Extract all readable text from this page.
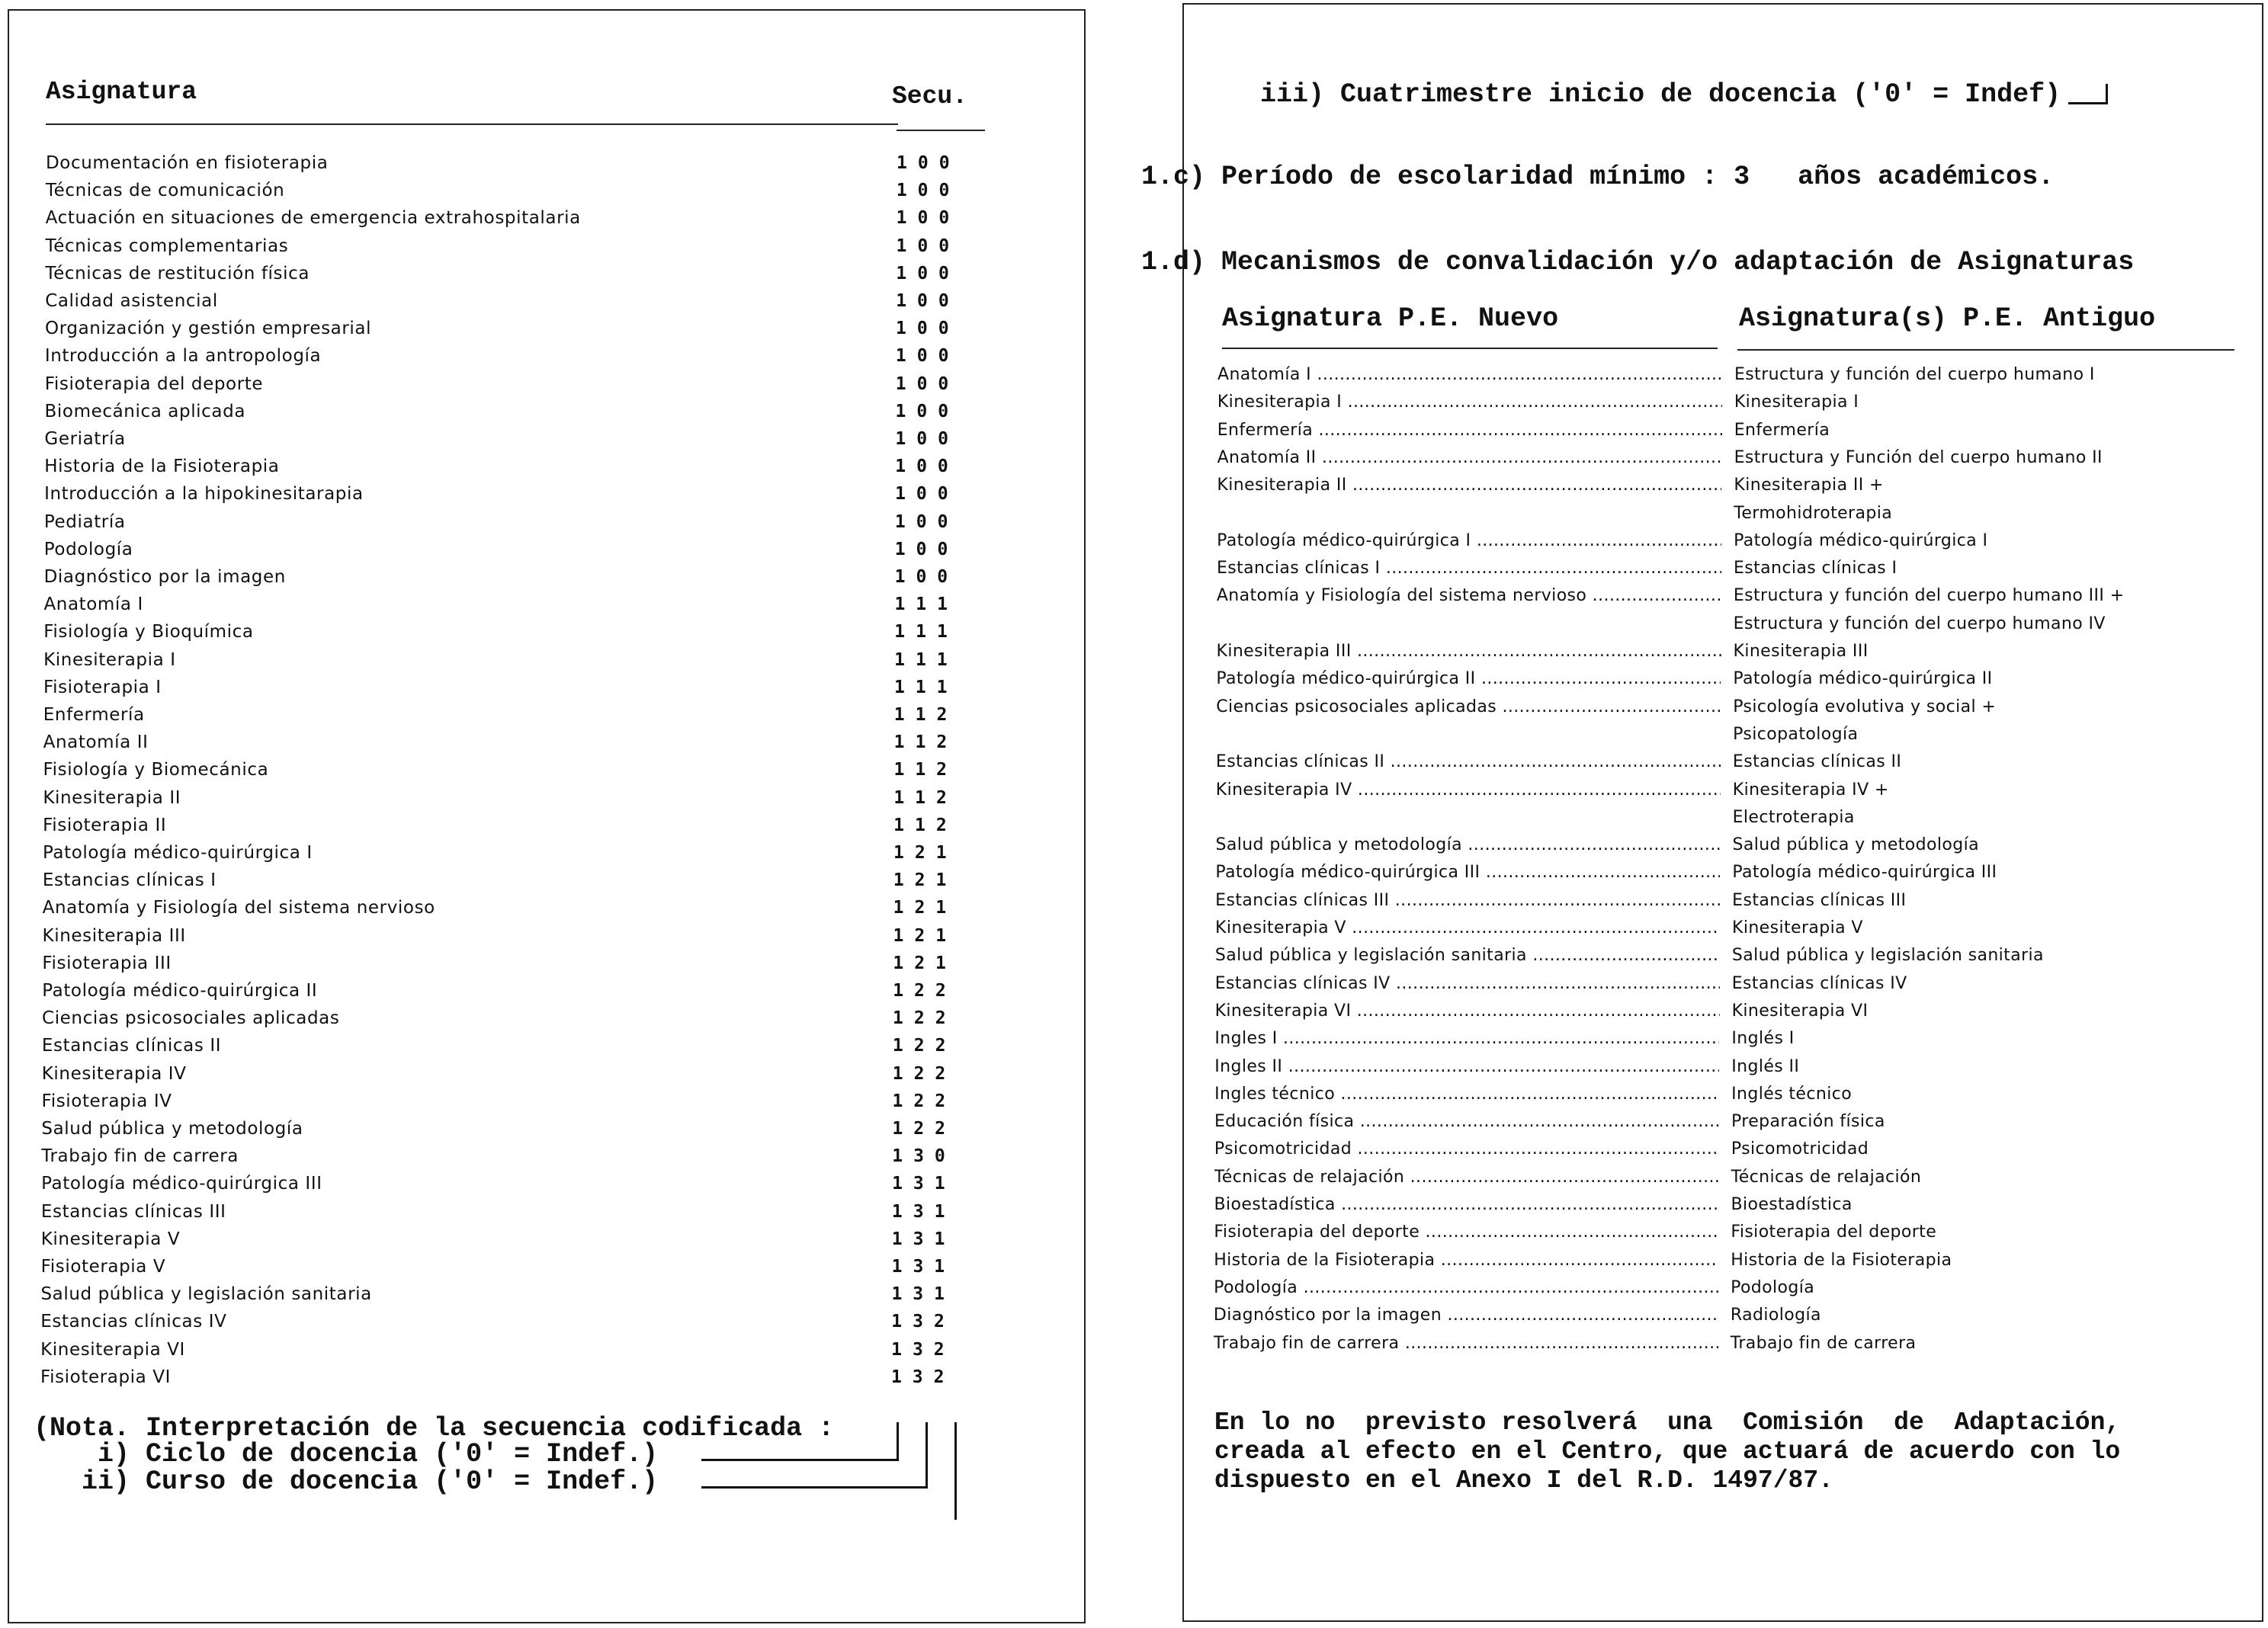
Asignatura	Secu.
Documentación en fisioterapia	100
Técnicas de comunicación	100
Actuación en situaciones de emergencia extrahospitalaria	100
Técnicas complementarias	100
Técnicas de restitución física	100
Calidad asistencial	100
Organización y gestión empresarial	100
Introducción a la antropología	100
Fisioterapia del deporte	100
Biomecánica aplicada	100
Geriatría	100
Historia de la Fisioterapia	100
Introducción a la hipokinesitarapia	100
Pediatría	100
Podología	100
Diagnóstico por la imagen	100
Anatomía I	111
Fisiología y Bioquímica	111
Kinesiterapia I	111
Fisioterapia I	111
Enfermería	112
Anatomía II	112
Fisiología y Biomecánica	112
Kinesiterapia II	112
Fisioterapia II	112
Patología médico-quirúrgica I	121
Estancias clínicas I	121
Anatomía y Fisiología del sistema nervioso	121
Kinesiterapia III	121
Fisioterapia III	121
Patología médico-quirúrgica II	122
Ciencias psicosociales aplicadas	122
Estancias clínicas II	122
Kinesiterapia IV	122
Fisioterapia IV	122
Salud pública y metodología	122
Trabajo fin de carrera	130
Patología médico-quirúrgica III	131
Estancias clínicas III	131
Kinesiterapia V	131
Fisioterapia V	131
Salud pública y legislación sanitaria	131
Estancias clínicas IV	132
Kinesiterapia VI	132
Fisioterapia VI	132
(Nota. Interpretación de la secuencia codificada :
i) Ciclo de docencia ('0' = Indef.)
ii) Curso de docencia ('0' = Indef.)
iii) Cuatrimestre inicio de docencia ('0' = Indef)
1.c) Período de escolaridad mínimo : 3   años académicos.
1.d) Mecanismos de convalidación y/o adaptación de Asignaturas
Asignatura P.E. Nuevo	Asignatura(s) P.E. Antiguo
Anatomía I .....	Estructura y función del cuerpo humano I
Kinesiterapia I .....	Kinesiterapia I
Enfermería .....	Enfermería
Anatomía II .....	Estructura y Función del cuerpo humano II
Kinesiterapia II .....	Kinesiterapia II +
Termohidroterapia
Patología médico-quirúrgica I .....	Patología médico-quirúrgica I
Estancias clínicas I .....	Estancias clínicas I
Anatomía y Fisiología del sistema nervioso .....	Estructura y función del cuerpo humano III +
Estructura y función del cuerpo humano IV
Kinesiterapia III .....	Kinesiterapia III
Patología médico-quirúrgica II .....	Patología médico-quirúrgica II
Ciencias psicosociales aplicadas .....	Psicología evolutiva y social +
Psicopatología
Estancias clínicas II .....	Estancias clínicas II
Kinesiterapia IV .....	Kinesiterapia IV +
Electroterapia
Salud pública y metodología .....	Salud pública y metodología
Patología médico-quirúrgica III .....	Patología médico-quirúrgica III
Estancias clínicas III .....	Estancias clínicas III
Kinesiterapia V .....	Kinesiterapia V
Salud pública y legislación sanitaria .....	Salud pública y legislación sanitaria
Estancias clínicas IV .....	Estancias clínicas IV
Kinesiterapia VI .....	Kinesiterapia VI
Ingles I .....	Inglés I
Ingles II .....	Inglés II
Ingles técnico .....	Inglés técnico
Educación física .....	Preparación física
Psicomotricidad .....	Psicomotricidad
Técnicas de relajación .....	Técnicas de relajación
Bioestadística .....	Bioestadística
Fisioterapia del deporte .....	Fisioterapia del deporte
Historia de la Fisioterapia .....	Historia de la Fisioterapia
Podología .....	Podología
Diagnóstico por la imagen .....	Radiología
Trabajo fin de carrera .....	Trabajo fin de carrera
En lo no  previsto resolverá  una  Comisión  de  Adaptación,
creada al efecto en el Centro, que actuará de acuerdo con lo
dispuesto en el Anexo I del R.D. 1497/87.
